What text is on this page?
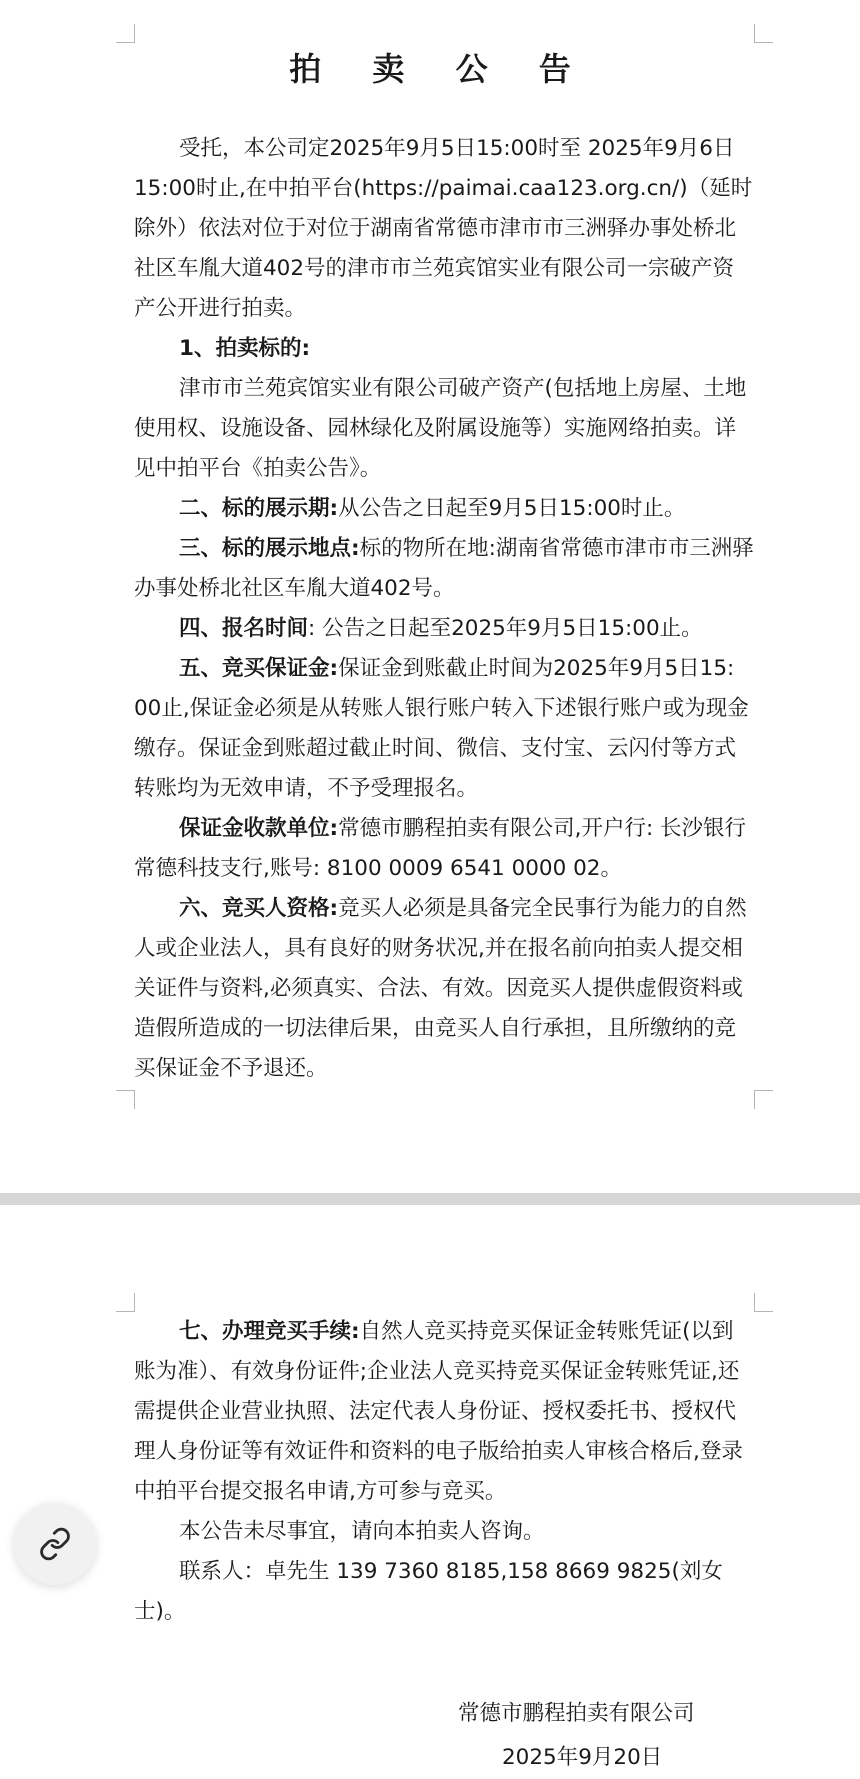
拍 卖 公 告

受托，本公司定2025年9月5日15:00时至 2025年9月6日15:00时止,在中拍平台(https://paimai.caa123.org.cn/)（延时除外）依法对位于对位于湖南省常德市津市市三洲驿办事处桥北社区车胤大道402号的津市市兰苑宾馆实业有限公司一宗破产资产公开进行拍卖。

1、拍卖标的:

津市市兰苑宾馆实业有限公司破产资产(包括地上房屋、土地使用权、设施设备、园林绿化及附属设施等）实施网络拍卖。详见中拍平台《拍卖公告》。

二、标的展示期:从公告之日起至9月5日15:00时止。

三、标的展示地点:标的物所在地:湖南省常德市津市市三洲驿办事处桥北社区车胤大道402号。

四、报名时间: 公告之日起至2025年9月5日15:00止。

五、竞买保证金:保证金到账截止时间为2025年9月5日15: 00止,保证金必须是从转账人银行账户转入下述银行账户或为现金缴存。保证金到账超过截止时间、微信、支付宝、云闪付等方式转账均为无效申请，不予受理报名。

保证金收款单位:常德市鹏程拍卖有限公司,开户行: 长沙银行常德科技支行,账号: 8100 0009 6541 0000 02。

六、竞买人资格:竞买人必须是具备完全民事行为能力的自然人或企业法人，具有良好的财务状况,并在报名前向拍卖人提交相关证件与资料,必须真实、合法、有效。因竞买人提供虚假资料或造假所造成的一切法律后果，由竞买人自行承担，且所缴纳的竞买保证金不予退还。

七、办理竞买手续:自然人竞买持竞买保证金转账凭证(以到账为准）、有效身份证件;企业法人竞买持竞买保证金转账凭证,还需提供企业营业执照、法定代表人身份证、授权委托书、授权代理人身份证等有效证件和资料的电子版给拍卖人审核合格后,登录中拍平台提交报名申请,方可参与竞买。

本公告未尽事宜，请向本拍卖人咨询。

联系人：卓先生 139 7360 8185,158 8669 9825(刘女士)。

常德市鹏程拍卖有限公司
2025年9月20日
